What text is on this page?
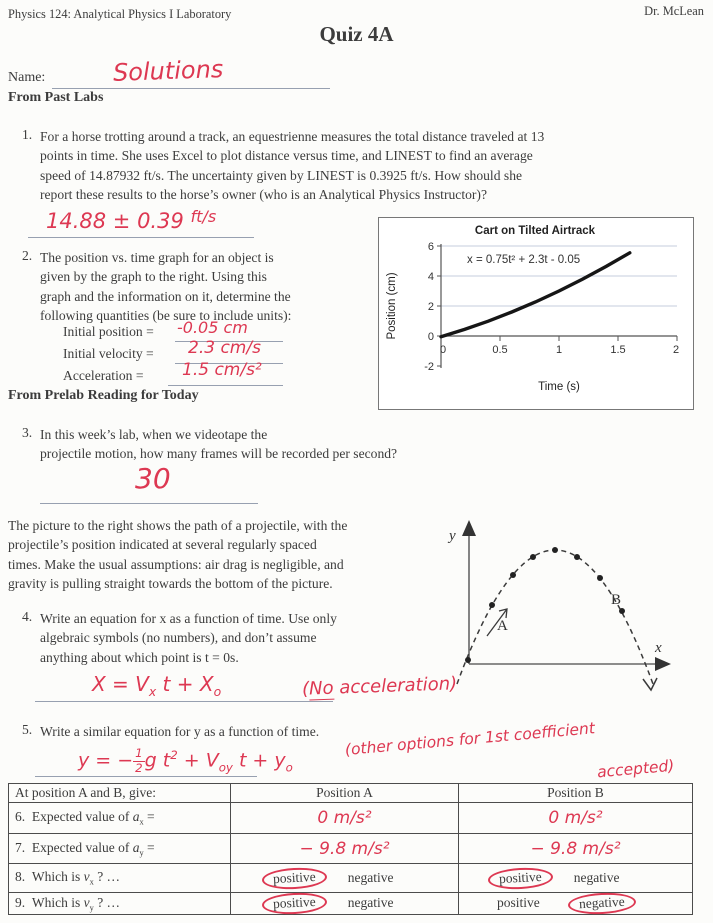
Physics 124: Analytical Physics I Laboratory	Dr. McLean
Quiz 4A
Name:	Solutions
From Past Labs
1. For a horse trotting around a track, an equestrienne measures the total distance traveled at 13
points in time. She uses Excel to plot distance versus time, and LINEST to find an average
speed of 14.87932 ft/s. The uncertainty given by LINEST is 0.3925 ft/s. How should she
report these results to the horse’s owner (who is an Analytical Physics Instructor)?
14.88 ± 0.39 $^{ft/s}$
2. The position vs. time graph for an object is
given by the graph to the right. Using this
graph and the information on it, determine the
following quantities (be sure to include units):
Initial position = -0.05 cm
Initial velocity = 2.3 cm/s
Acceleration = 1.5 cm/s²
Cart on Tilted Airtrack
6
4
2
0
-2
0	0.5	1	1.5	2
x = 0.75t² + 2.3t - 0.05
Position (cm)
Time (s)
From Prelab Reading for Today
3. In this week’s lab, when we videotape the
projectile motion, how many frames will be recorded per second?
30
The picture to the right shows the path of a projectile, with the
projectile’s position indicated at several regularly spaced
times. Make the usual assumptions: air drag is negligible, and
gravity is pulling straight towards the bottom of the picture.
y
x
A
B
4. Write an equation for x as a function of time. Use only
algebraic symbols (no numbers), and don’t assume
anything about which point is t = 0s.
$X = V_x$ $t + X_o$	(No acceleration)
5. Write a similar equation for y as a function of time.
y = − $\frac{1}{2}$ g $t^2 + V_{oy}$ $t + y_o$
(other options for 1st coefficient
accepted)
At position A and B, give:	Position A	Position B
6. Expected value of $a_x$ =	0 m/s²	0 m/s²
7. Expected value of $a_y$ =	− 9.8 m/s²	− 9.8 m/s²
8. Which is $v_x$ ? …	positive negative	positive negative
9. Which is $v_y$ ? …	positive negative	positive negative
